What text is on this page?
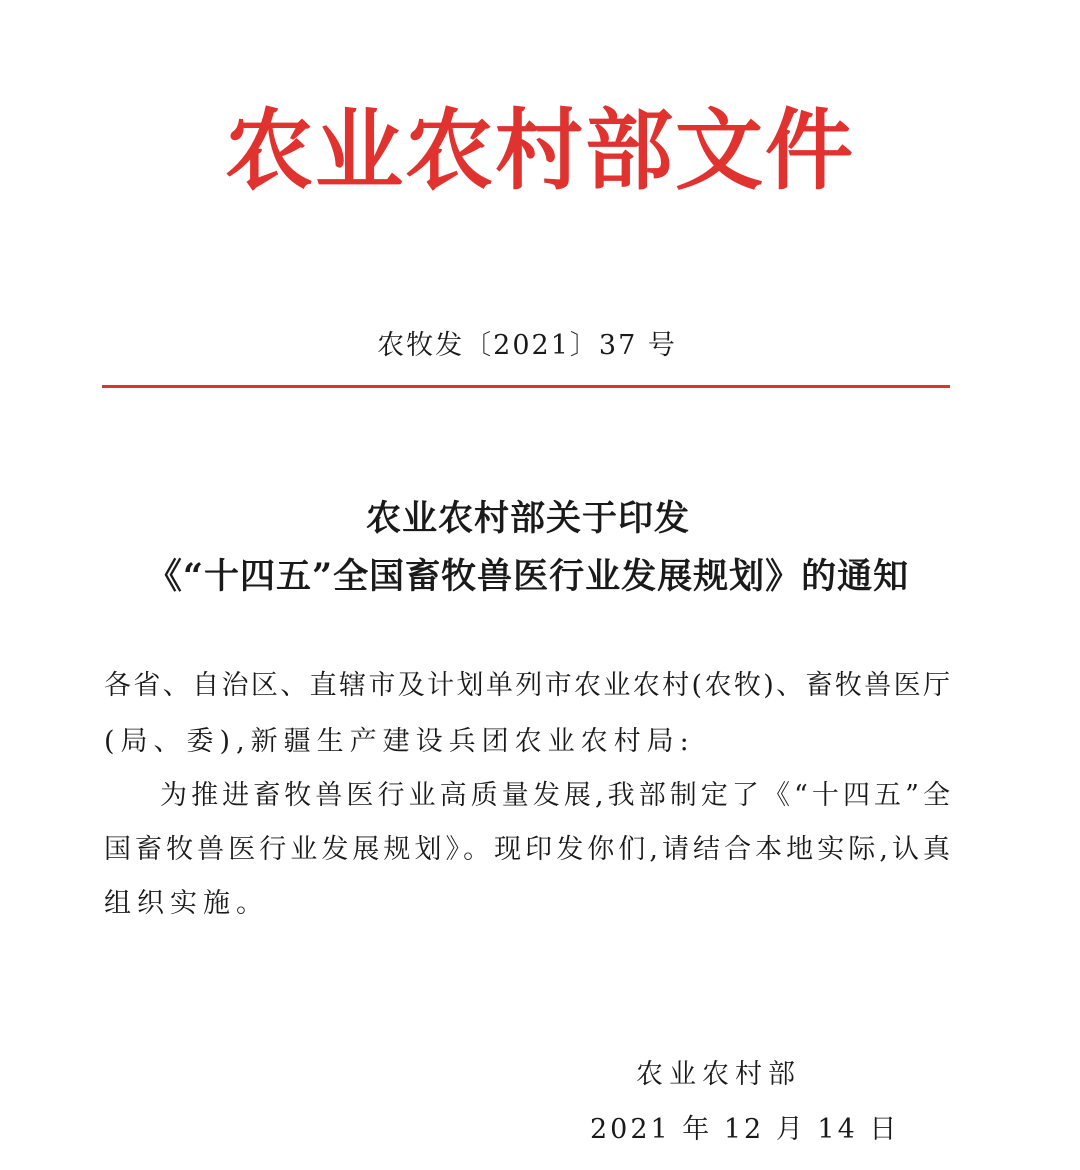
农业农村部文件
农牧发〔2021〕37 号
农业农村部关于印发
《“十四五”全国畜牧兽医行业发展规划》的通知
各省、自治区、直辖市及计划单列市农业农村(农牧)、畜牧兽医厅
(局、委),新疆生产建设兵团农业农村局:
为推进畜牧兽医行业高质量发展,我部制定了《“十四五”全
国畜牧兽医行业发展规划》。现印发你们,请结合本地实际,认真
组织实施。
农业农村部
2021 年 12 月 14 日
